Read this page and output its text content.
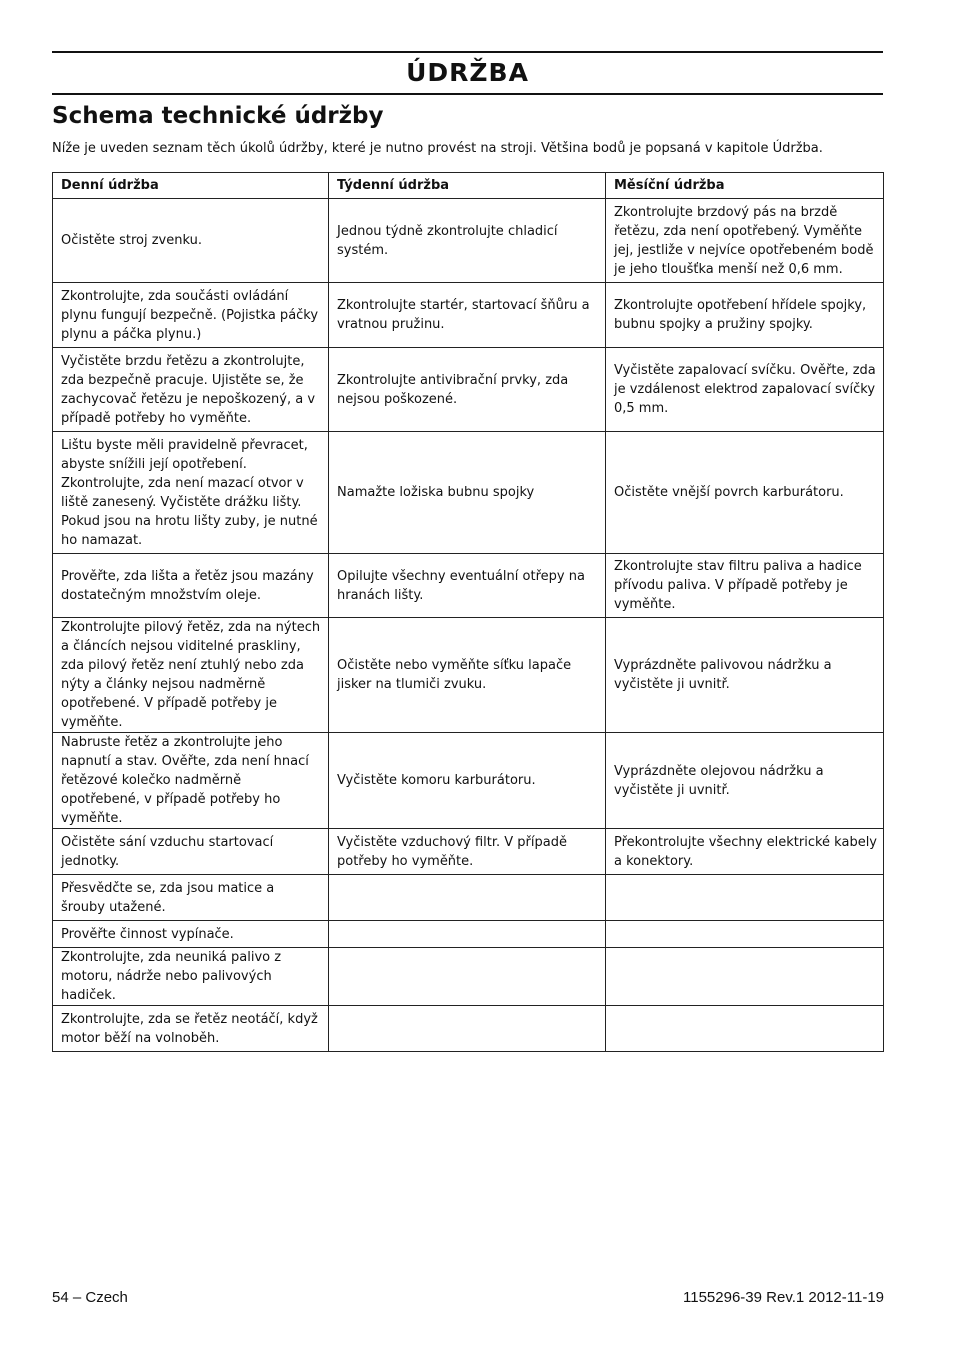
ÚDRŽBA
Schema technické údržby
Níže je uveden seznam těch úkolů údržby, které je nutno provést na stroji. Většina bodů je popsaná v kapitole Údržba.
Denní údržba	Týdenní údržba	Měsíční údržba
Očistěte stroj zvenku.	Jednou týdně zkontrolujte chladicí systém.	Zkontrolujte brzdový pás na brzdě řetězu, zda není opotřebený. Vyměňte jej, jestliže v nejvíce opotřebeném bodě je jeho tloušťka menší než 0,6 mm.
Zkontrolujte, zda součásti ovládání plynu fungují bezpečně. (Pojistka páčky plynu a páčka plynu.)	Zkontrolujte startér, startovací šňůru a vratnou pružinu.	Zkontrolujte opotřebení hřídele spojky, bubnu spojky a pružiny spojky.
Vyčistěte brzdu řetězu a zkontrolujte, zda bezpečně pracuje. Ujistěte se, že zachycovač řetězu je nepoškozený, a v případě potřeby ho vyměňte.	Zkontrolujte antivibrační prvky, zda nejsou poškozené.	Vyčistěte zapalovací svíčku. Ověřte, zda je vzdálenost elektrod zapalovací svíčky 0,5 mm.
Lištu byste měli pravidelně převracet, abyste snížili její opotřebení. Zkontrolujte, zda není mazací otvor v liště zanesený. Vyčistěte drážku lišty. Pokud jsou na hrotu lišty zuby, je nutné ho namazat.	Namažte ložiska bubnu spojky	Očistěte vnější povrch karburátoru.
Prověřte, zda lišta a řetěz jsou mazány dostatečným množstvím oleje.	Opilujte všechny eventuální otřepy na hranách lišty.	Zkontrolujte stav filtru paliva a hadice přívodu paliva. V případě potřeby je vyměňte.
Zkontrolujte pilový řetěz, zda na nýtech a článcích nejsou viditelné praskliny, zda pilový řetěz není ztuhlý nebo zda nýty a články nejsou nadměrně opotřebené. V případě potřeby je vyměňte.	Očistěte nebo vyměňte síťku lapače jisker na tlumiči zvuku.	Vyprázdněte palivovou nádržku a vyčistěte ji uvnitř.
Nabruste řetěz a zkontrolujte jeho napnutí a stav. Ověřte, zda není hnací řetězové kolečko nadměrně opotřebené, v případě potřeby ho vyměňte.	Vyčistěte komoru karburátoru.	Vyprázdněte olejovou nádržku a vyčistěte ji uvnitř.
Očistěte sání vzduchu startovací jednotky.	Vyčistěte vzduchový filtr. V případě potřeby ho vyměňte.	Překontrolujte všechny elektrické kabely a konektory.
Přesvědčte se, zda jsou matice a šrouby utažené.		
Prověřte činnost vypínače.		
Zkontrolujte, zda neuniká palivo z motoru, nádrže nebo palivových hadiček.		
Zkontrolujte, zda se řetěz neotáčí, když motor běží na volnoběh.		
54 – Czech	1155296-39 Rev.1 2012-11-19
